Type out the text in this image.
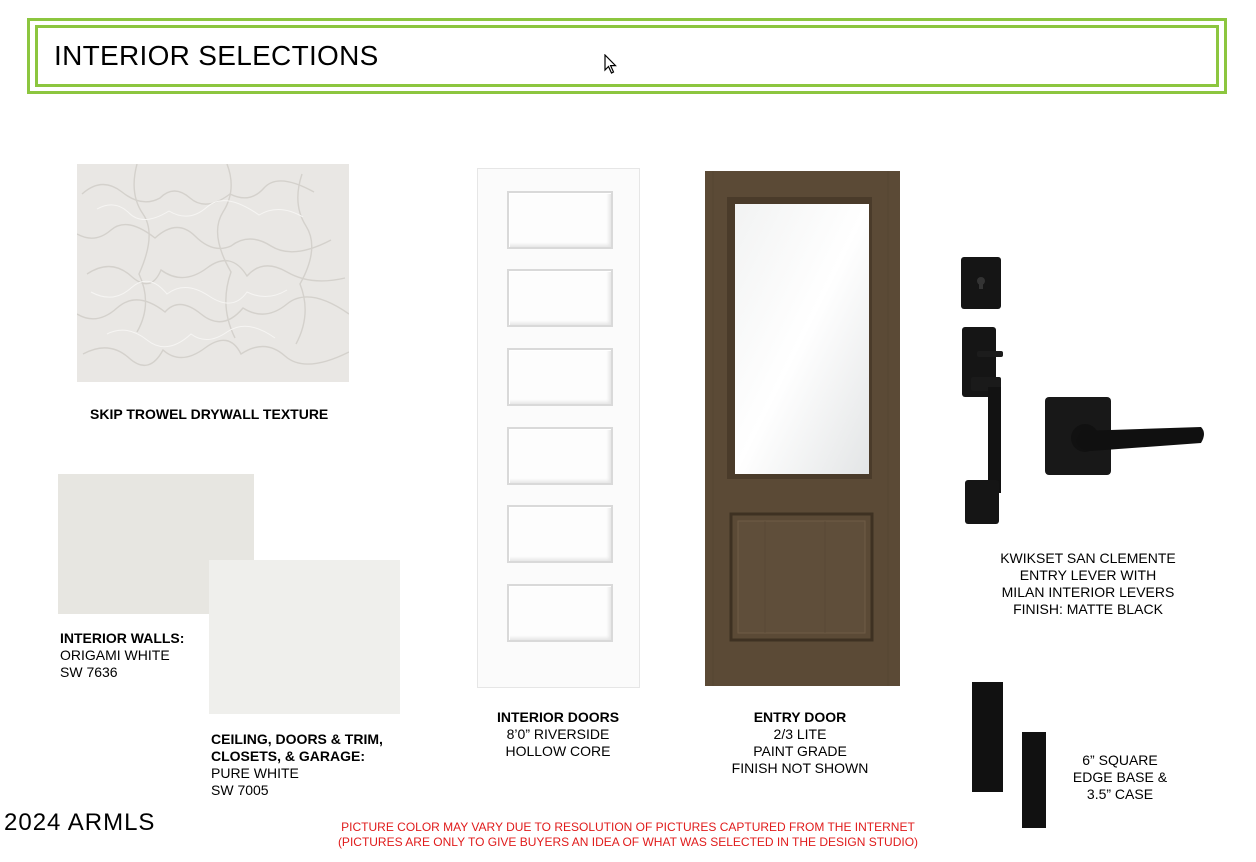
INTERIOR SELECTIONS
SKIP TROWEL DRYWALL TEXTURE
INTERIOR WALLS:
ORIGAMI WHITE
SW 7636
CEILING, DOORS & TRIM,
CLOSETS, & GARAGE:
PURE WHITE
SW 7005
INTERIOR DOORS
8’0” RIVERSIDE
HOLLOW CORE
ENTRY DOOR
2/3 LITE
PAINT GRADE
FINISH NOT SHOWN
KWIKSET SAN CLEMENTE
ENTRY LEVER WITH
MILAN INTERIOR LEVERS
FINISH: MATTE BLACK
6” SQUARE
EDGE BASE &
3.5” CASE
PICTURE COLOR MAY VARY DUE TO RESOLUTION OF PICTURES CAPTURED FROM THE INTERNET
(PICTURES ARE ONLY TO GIVE BUYERS AN IDEA OF WHAT WAS SELECTED IN THE DESIGN STUDIO)
2024 ARMLS
